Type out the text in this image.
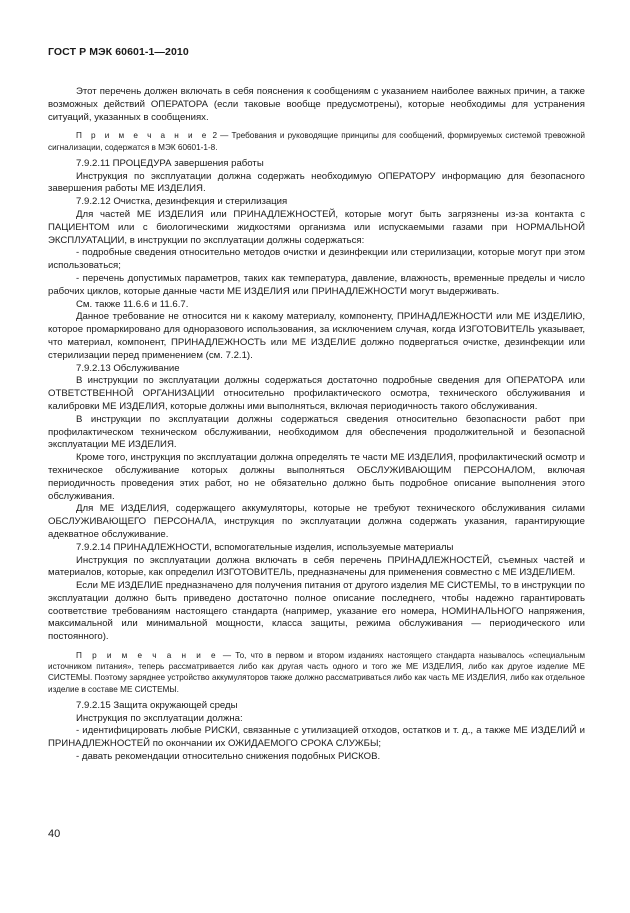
ГОСТ Р МЭК 60601-1—2010

Этот перечень должен включать в себя пояснения к сообщениям с указанием наиболее важных причин, а также возможных действий ОПЕРАТОРА (если таковые вообще предусмотрены), которые необходимы для устранения ситуаций, указанных в сообщениях.

П р и м е ч а н и е 2 — Требования и руководящие принципы для сообщений, формируемых системой тревожной сигнализации, содержатся в МЭК 60601-1-8.

7.9.2.11 ПРОЦЕДУРА завершения работы

Инструкция по эксплуатации должна содержать необходимую ОПЕРАТОРУ информацию для безопасного завершения работы МЕ ИЗДЕЛИЯ.

7.9.2.12 Очистка, дезинфекция и стерилизация

Для частей МЕ ИЗДЕЛИЯ или ПРИНАДЛЕЖНОСТЕЙ, которые могут быть загрязнены из-за контакта с ПАЦИЕНТОМ или с биологическими жидкостями организма или испускаемыми газами при НОРМАЛЬНОЙ ЭКСПЛУАТАЦИИ, в инструкции по эксплуатации должны содержаться:

- подробные сведения относительно методов очистки и дезинфекции или стерилизации, которые могут при этом использоваться;

- перечень допустимых параметров, таких как температура, давление, влажность, временные пределы и число рабочих циклов, которые данные части МЕ ИЗДЕЛИЯ или ПРИНАДЛЕЖНОСТИ могут выдерживать.

См. также 11.6.6 и 11.6.7.

Данное требование не относится ни к какому материалу, компоненту, ПРИНАДЛЕЖНОСТИ или МЕ ИЗДЕЛИЮ, которое промаркировано для одноразового использования, за исключением случая, когда ИЗГОТОВИТЕЛЬ указывает, что материал, компонент, ПРИНАДЛЕЖНОСТЬ или МЕ ИЗДЕЛИЕ должно подвергаться очистке, дезинфекции или стерилизации перед применением (см. 7.2.1).

7.9.2.13 Обслуживание

В инструкции по эксплуатации должны содержаться достаточно подробные сведения для ОПЕРАТОРА или ОТВЕТСТВЕННОЙ ОРГАНИЗАЦИИ относительно профилактического осмотра, технического обслуживания и калибровки МЕ ИЗДЕЛИЯ, которые должны ими выполняться, включая периодичность такого обслуживания.

В инструкции по эксплуатации должны содержаться сведения относительно безопасности работ при профилактическом техническом обслуживании, необходимом для обеспечения продолжительной и безопасной эксплуатации МЕ ИЗДЕЛИЯ.

Кроме того, инструкция по эксплуатации должна определять те части МЕ ИЗДЕЛИЯ, профилактический осмотр и техническое обслуживание которых должны выполняться ОБСЛУЖИВАЮЩИМ ПЕРСОНАЛОМ, включая периодичность проведения этих работ, но не обязательно должно быть подробное описание выполнения этого обслуживания.

Для МЕ ИЗДЕЛИЯ, содержащего аккумуляторы, которые не требуют технического обслуживания силами ОБСЛУЖИВАЮЩЕГО ПЕРСОНАЛА, инструкция по эксплуатации должна содержать указания, гарантирующие адекватное обслуживание.

7.9.2.14 ПРИНАДЛЕЖНОСТИ, вспомогательные изделия, используемые материалы

Инструкция по эксплуатации должна включать в себя перечень ПРИНАДЛЕЖНОСТЕЙ, съемных частей и материалов, которые, как определил ИЗГОТОВИТЕЛЬ, предназначены для применения совместно с МЕ ИЗДЕЛИЕМ.

Если МЕ ИЗДЕЛИЕ предназначено для получения питания от другого изделия МЕ СИСТЕМЫ, то в инструкции по эксплуатации должно быть приведено достаточно полное описание последнего, чтобы надежно гарантировать соответствие требованиям настоящего стандарта (например, указание его номера, НОМИНАЛЬНОГО напряжения, максимальной или минимальной мощности, класса защиты, режима обслуживания — периодического или постоянного).

П р и м е ч а н и е — То, что в первом и втором изданиях настоящего стандарта называлось «специальным источником питания», теперь рассматривается либо как другая часть одного и того же МЕ ИЗДЕЛИЯ, либо как другое изделие МЕ СИСТЕМЫ. Поэтому заряднее устройство аккумуляторов также должно рассматриваться либо как часть МЕ ИЗДЕЛИЯ, либо как отдельное изделие в составе МЕ СИСТЕМЫ.

7.9.2.15 Защита окружающей среды

Инструкция по эксплуатации должна:

- идентифицировать любые РИСКИ, связанные с утилизацией отходов, остатков и т. д., а также МЕ ИЗДЕЛИЙ и ПРИНАДЛЕЖНОСТЕЙ по окончании их ОЖИДАЕМОГО СРОКА СЛУЖБЫ;

- давать рекомендации относительно снижения подобных РИСКОВ.

40
